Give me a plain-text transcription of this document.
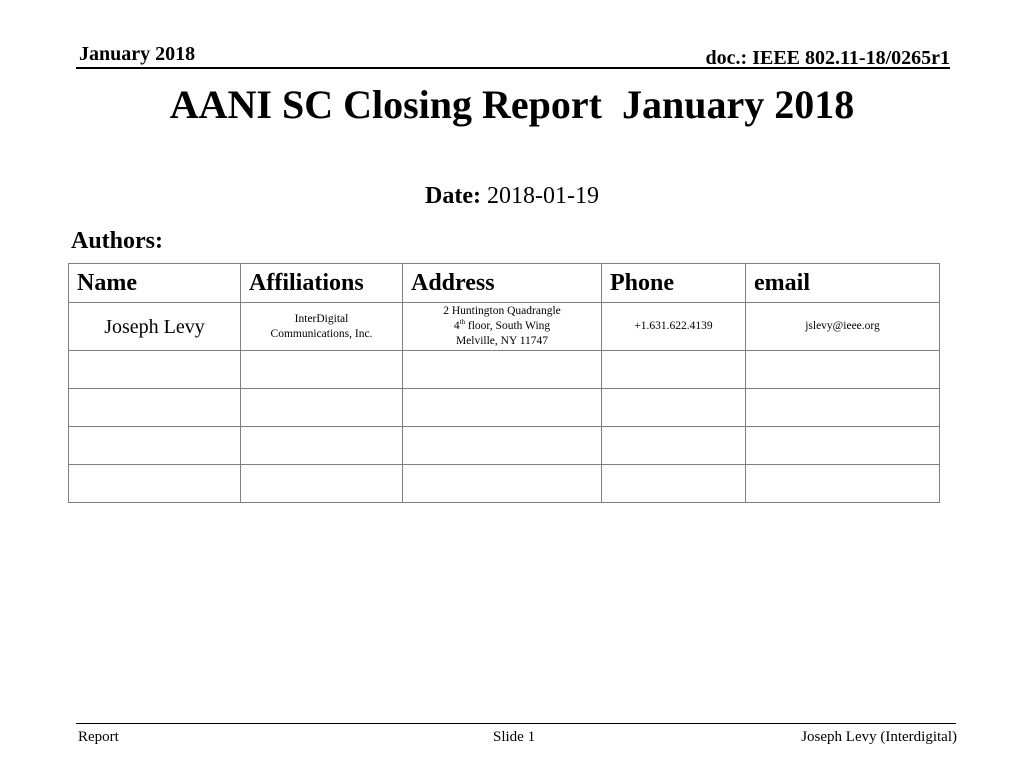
January 2018	doc.: IEEE 802.11-18/0265r1
AANI SC Closing Report  January 2018
Date: 2018-01-19
Authors:
Name	Affiliations	Address	Phone	email
Joseph Levy	InterDigital Communications, Inc.	2 Huntington Quadrangle
4th floor, South Wing
Melville, NY 11747	+1.631.622.4139	jslevy@ieee.org

Report	Slide 1	Joseph Levy (Interdigital)
